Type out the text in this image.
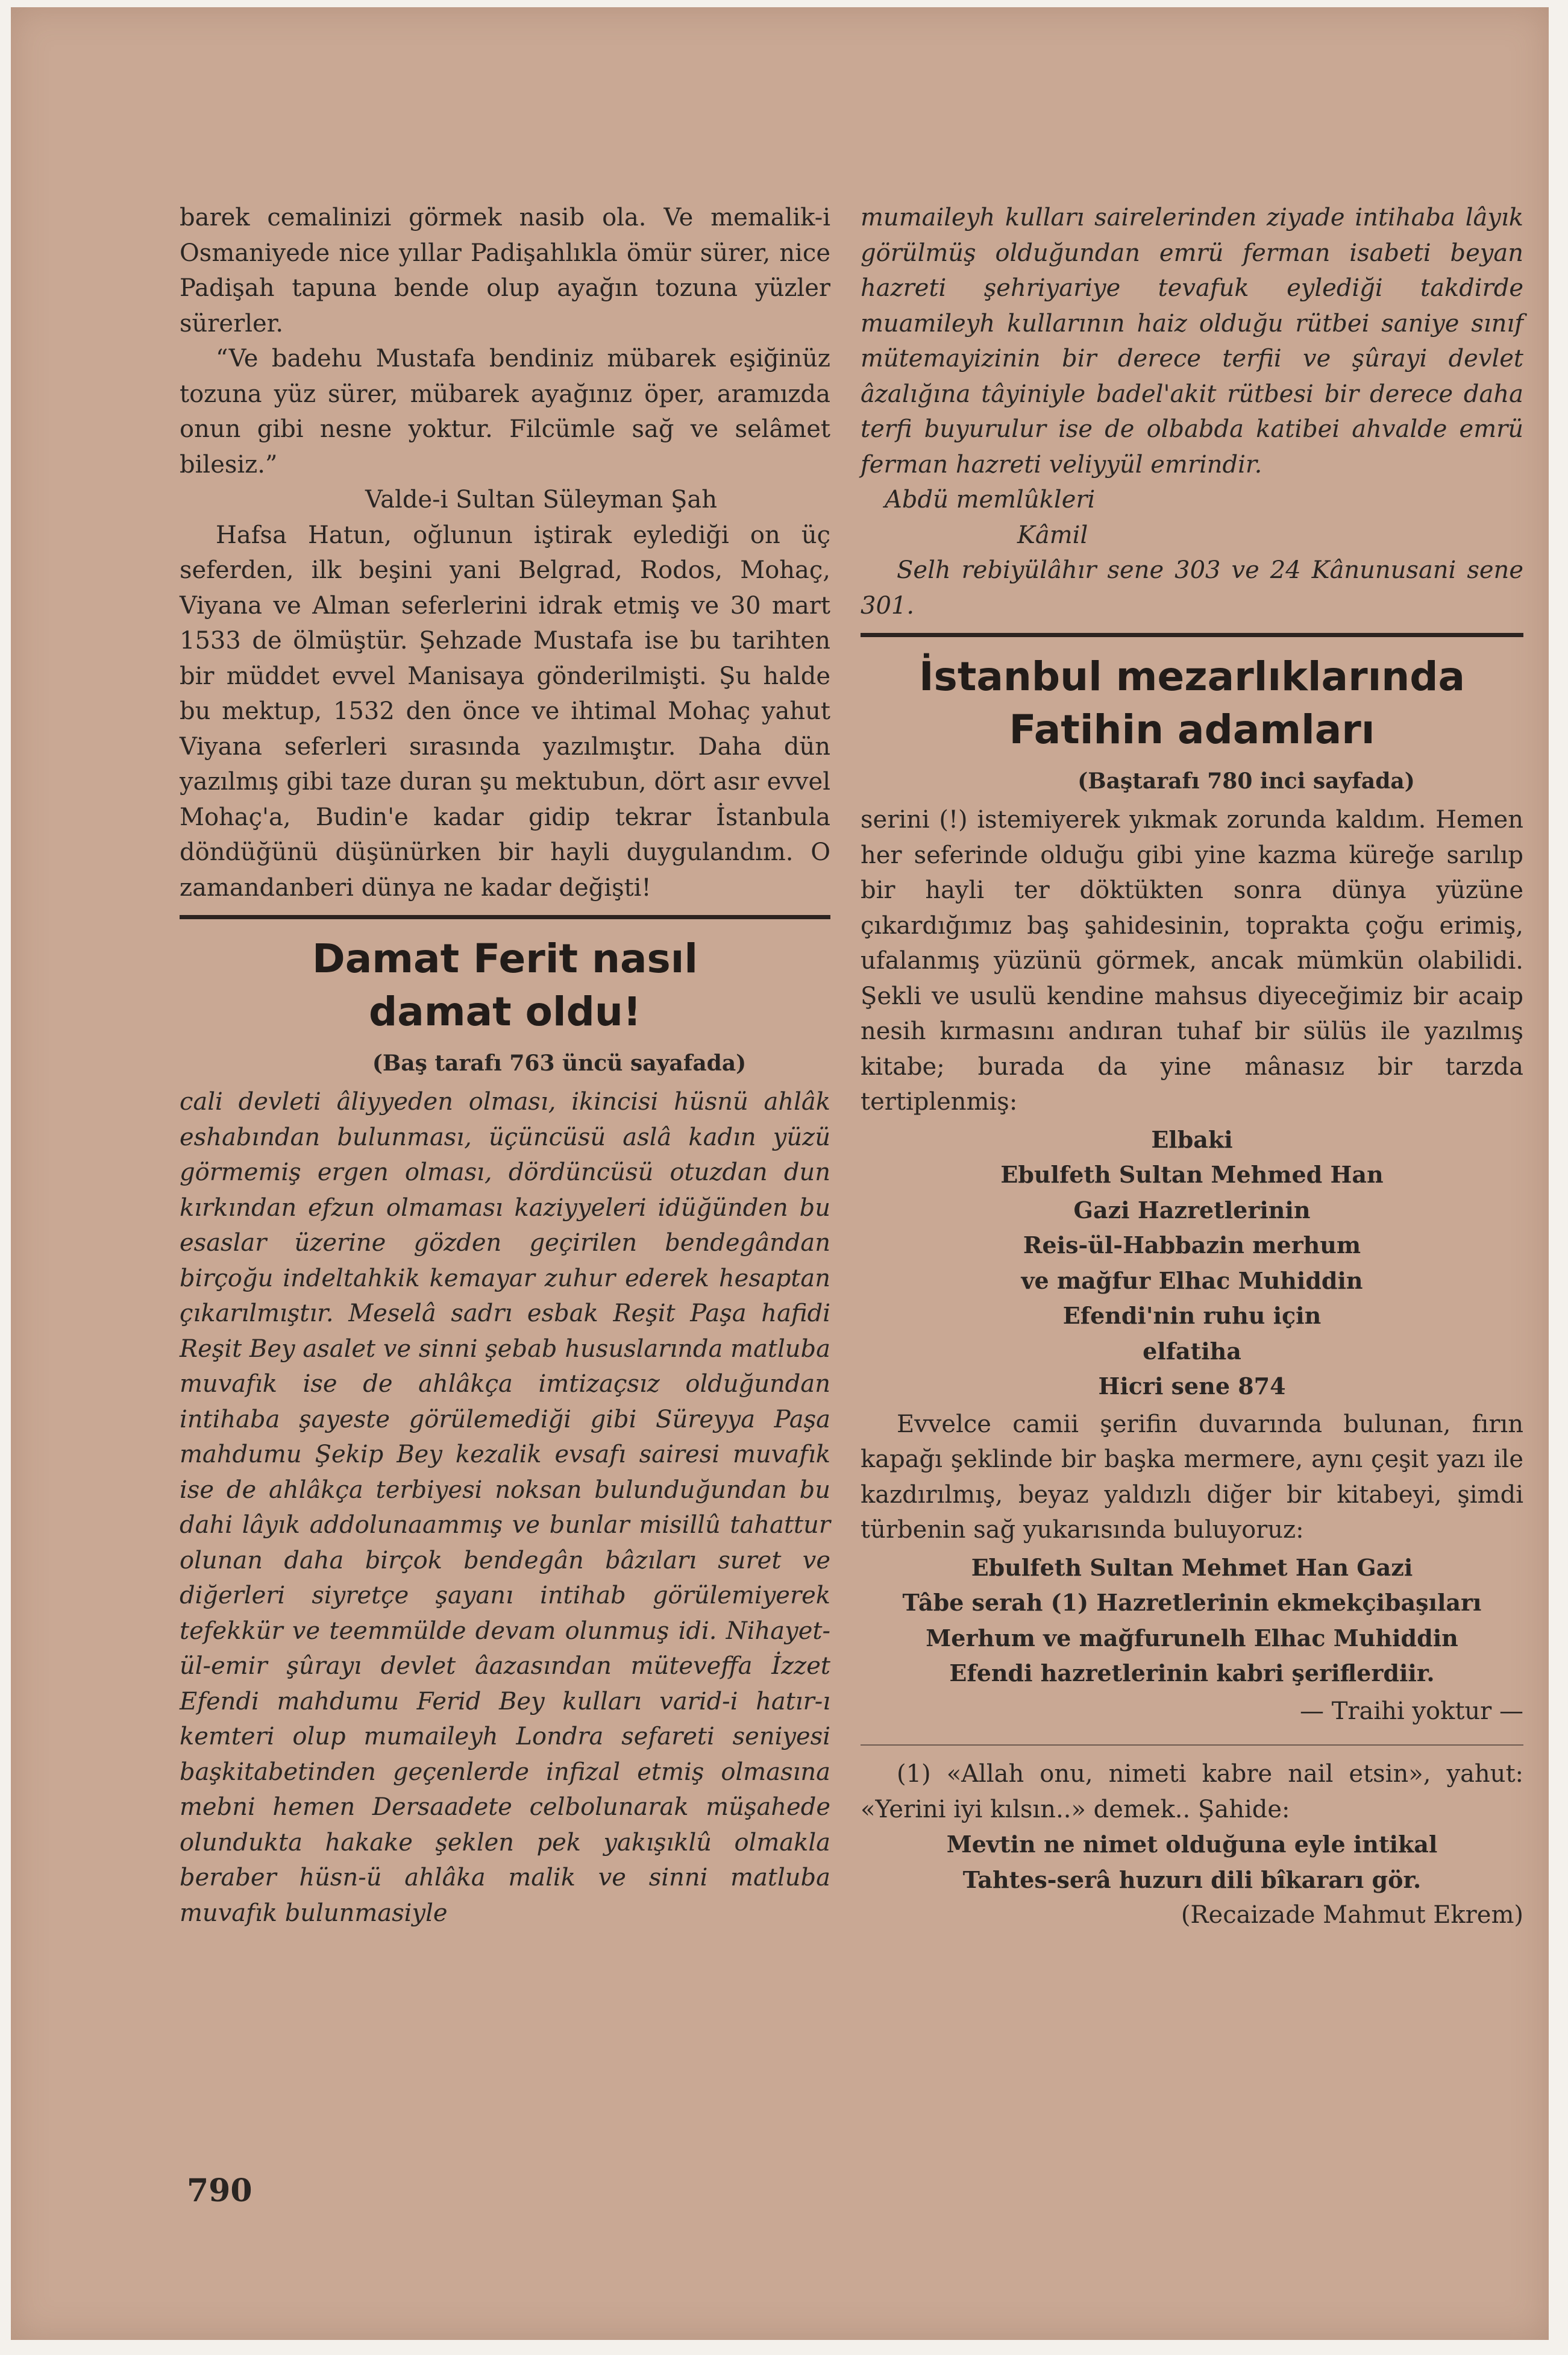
barek cemalinizi görmek nasib ola. Ve memalik-i Osmaniyede nice yıllar Padişahlıkla ömür sürer, nice Padişah tapuna bende olup ayağın tozuna yüzler sürerler.

“Ve badehu Mustafa bendiniz mübarek eşiğinüz tozuna yüz sürer, mübarek ayağınız öper, aramızda onun gibi nesne yoktur. Filcümle sağ ve selâmet bilesiz.”

Valde-i Sultan Süleyman Şah

Hafsa Hatun, oğlunun iştirak eylediği on üç seferden, ilk beşini yani Belgrad, Rodos, Mohaç, Viyana ve Alman seferlerini idrak etmiş ve 30 mart 1533 de ölmüştür. Şehzade Mustafa ise bu tarihten bir müddet evvel Manisaya gönderilmişti. Şu halde bu mektup, 1532 den önce ve ihtimal Mohaç yahut Viyana seferleri sırasında yazılmıştır. Daha dün yazılmış gibi taze duran şu mektubun, dört asır evvel Mohaç'a, Budin'e kadar gidip tekrar İstanbula döndüğünü düşünürken bir hayli duygulandım. O zamandanberi dünya ne kadar değişti!

Damat Ferit nasıl

damat oldu!

(Baş tarafı 763 üncü sayafada)

cali devleti âliyyeden olması, ikincisi hüsnü ahlâk eshabından bulunması, üçüncüsü aslâ kadın yüzü görmemiş ergen olması, dördüncüsü otuzdan dun kırkından efzun olmaması kaziyyeleri idüğünden bu esaslar üzerine gözden geçirilen bendegândan birçoğu indeltahkik kemayar zuhur ederek hesaptan çıkarılmıştır. Meselâ sadrı esbak Reşit Paşa hafidi Reşit Bey asalet ve sinni şebab hususlarında matluba muvafık ise de ahlâkça imtizaçsız olduğundan intihaba şayeste görülemediği gibi Süreyya Paşa mahdumu Şekip Bey kezalik evsafı sairesi muvafık ise de ahlâkça terbiyesi noksan bulunduğundan bu dahi lâyık addolunaammış ve bunlar misillû tahattur olunan daha birçok bendegân bâzıları suret ve diğerleri siyretçe şayanı intihab görülemiyerek tefekkür ve teemmülde devam olunmuş idi. Nihayet-ül-emir şûrayı devlet âazasından müteveffa İzzet Efendi mahdumu Ferid Bey kulları varid-i hatır-ı kemteri olup mumaileyh Londra sefareti seniyesi başkitabetinden geçenlerde infizal etmiş olmasına mebni hemen Dersaadete celbolunarak müşahede olundukta hakake şeklen pek yakışıklû olmakla beraber hüsn-ü ahlâka malik ve sinni matluba muvafık bulunmasiyle

mumaileyh kulları sairelerinden ziyade intihaba lâyık görülmüş olduğundan emrü ferman isabeti beyan hazreti şehriyariye tevafuk eylediği takdirde muamileyh kullarının haiz olduğu rütbei saniye sınıf mütemayizinin bir derece terfii ve şûrayi devlet âzalığına tâyiniyle badel'akit rütbesi bir derece daha terfi buyurulur ise de olbabda katibei ahvalde emrü ferman hazreti veliyyül emrindir.

Abdü memlûkleri

Kâmil

Selh rebiyülâhır sene 303 ve 24 Kânunusani sene 301.

İstanbul mezarlıklarında

Fatihin adamları

(Baştarafı 780 inci sayfada)

serini (!) istemiyerek yıkmak zorunda kaldım. Hemen her seferinde olduğu gibi yine kazma küreğe sarılıp bir hayli ter döktükten sonra dünya yüzüne çıkardığımız baş şahidesinin, toprakta çoğu erimiş, ufalanmış yüzünü görmek, ancak mümkün olabilidi. Şekli ve usulü kendine mahsus diyeceğimiz bir acaip nesih kırmasını andıran tuhaf bir sülüs ile yazılmış kitabe; burada da yine mânasız bir tarzda tertiplenmiş:

Elbaki

Ebulfeth Sultan Mehmed Han

Gazi Hazretlerinin

Reis-ül-Habbazin merhum

ve mağfur Elhac Muhiddin

Efendi'nin ruhu için

elfatiha

Hicri sene 874

Evvelce camii şerifin duvarında bulunan, fırın kapağı şeklinde bir başka mermere, aynı çeşit yazı ile kazdırılmış, beyaz yaldızlı diğer bir kitabeyi, şimdi türbenin sağ yukarısında buluyoruz:

Ebulfeth Sultan Mehmet Han Gazi

Tâbe serah (1) Hazretlerinin ekmekçibaşıları

Merhum ve mağfurunelh Elhac Muhiddin

Efendi hazretlerinin kabri şeriflerdiir.

— Traihi yoktur —

(1) «Allah onu, nimeti kabre nail etsin», yahut: «Yerini iyi kılsın..» demek.. Şahide:

Mevtin ne nimet olduğuna eyle intikal

Tahtes-serâ huzurı dili bîkararı gör.

(Recaizade Mahmut Ekrem)

790
